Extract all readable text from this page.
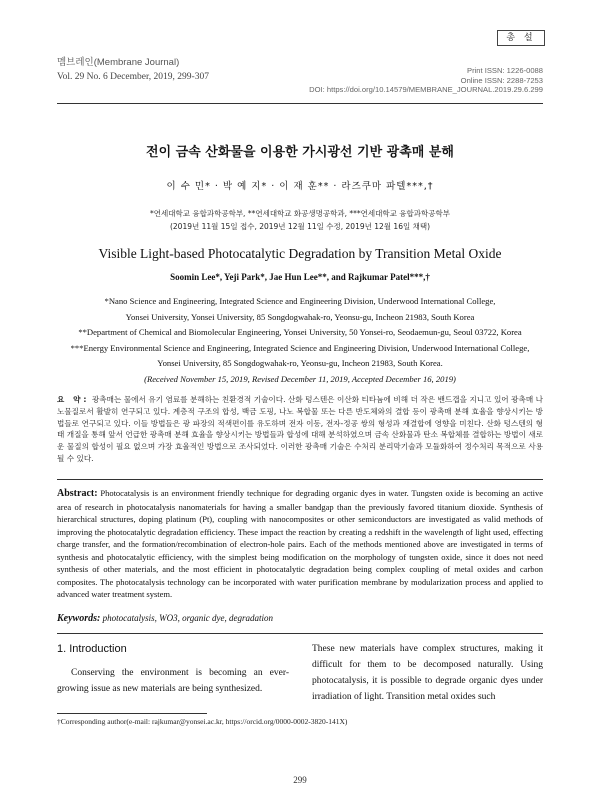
멤브레인(Membrane Journal)
Vol. 29 No. 6 December, 2019, 299-307
총 설
Print ISSN: 1226-0088
Online ISSN: 2288-7253
DOI: https://doi.org/10.14579/MEMBRANE_JOURNAL.2019.29.6.299
전이 금속 산화물을 이용한 가시광선 기반 광촉매 분해
이 수 민* · 박 예 지* · 이 재 훈** · 라즈쿠마 파텔***,†
*연세대학교 융합과학공학부, **연세대학교 화공생명공학과, ***연세대학교 융합과학공학부
(2019년 11월 15일 접수, 2019년 12월 11일 수정, 2019년 12월 16일 채택)
Visible Light-based Photocatalytic Degradation by Transition Metal Oxide
Soomin Lee*, Yeji Park*, Jae Hun Lee**, and Rajkumar Patel***,†
*Nano Science and Engineering, Integrated Science and Engineering Division, Underwood International College,
Yonsei University, Yonsei University, 85 Songdogwahak-ro, Yeonsu-gu, Incheon 21983, South Korea
**Department of Chemical and Biomolecular Engineering, Yonsei University, 50 Yonsei-ro, Seodaemun-gu, Seoul 03722, Korea
***Energy Environmental Science and Engineering, Integrated Science and Engineering Division, Underwood International College,
Yonsei University, 85 Songdogwahak-ro, Yeonsu-gu, Incheon 21983, South Korea.
(Received November 15, 2019, Revised December 11, 2019, Accepted December 16, 2019)
요 약: 광촉매는 물에서 유기 염료를 분해하는 친환경적 기술이다. 산화 텅스텐은 이산화 티타늄에 비해 더 작은 밴드갭을 지니고 있어 광촉매 나노물질로서 활발히 연구되고 있다. 계층적 구조의 합성, 백금 도핑, 나노 복합물 또는 다른 반도체와의 결합 등이 광촉매 분해 효율을 향상시키는 방법들로 연구되고 있다. 이들 방법들은 광 파장의 적색편이를 유도하며 전자 이동, 전자-정공 쌍의 형성과 재결합에 영향을 미친다. 산화 텅스텐의 형태 개질을 통해 앞서 언급한 광촉매 분해 효율을 향상시키는 방법들과 합성에 대해 분석하였으며 금속 산화물과 탄소 복합체를 결합하는 방법이 새로운 물질의 합성이 필요 없으며 가장 효율적인 방법으로 조사되었다. 이러한 광촉매 기술은 수처리 분리막기술과 모듈화하여 정수처리 목적으로 사용될 수 있다.
Abstract: Photocatalysis is an environment friendly technique for degrading organic dyes in water. Tungsten oxide is becoming an active area of research in photocatalysis nanomaterials for having a smaller bandgap than the previously favored titanium dioxide. Synthesis of hierarchical structures, doping platinum (Pt), coupling with nanocomposites or other semiconductors are investigated as valid methods of improving the photocatalytic degradation efficiency. These impact the reaction by creating a redshift in the wavelength of light used, effecting charge transfer, and the formation/recombination of electron-hole pairs. Each of the methods mentioned above are investigated in terms of synthesis and photocatalytic efficiency, with the simplest being modification on the morphology of tungsten oxide, since it does not need synthesis of other materials, and the most efficient in photocatalytic degradation being complex coupling of metal oxides and carbon composites. The photocatalysis technology can be incorporated with water purification membrane by modularization process and applied to advanced water treatment system.
Keywords: photocatalysis, WO3, organic dye, degradation
1. Introduction
Conserving the environment is becoming an ever-growing issue as new materials are being synthesized.
These new materials have complex structures, making it difficult for them to be decomposed naturally. Using photocatalysis, it is possible to degrade organic dyes under irradiation of light. Transition metal oxides such
†Corresponding author(e-mail: rajkumar@yonsei.ac.kr, https://orcid.org/0000-0002-3820-141X)
299
